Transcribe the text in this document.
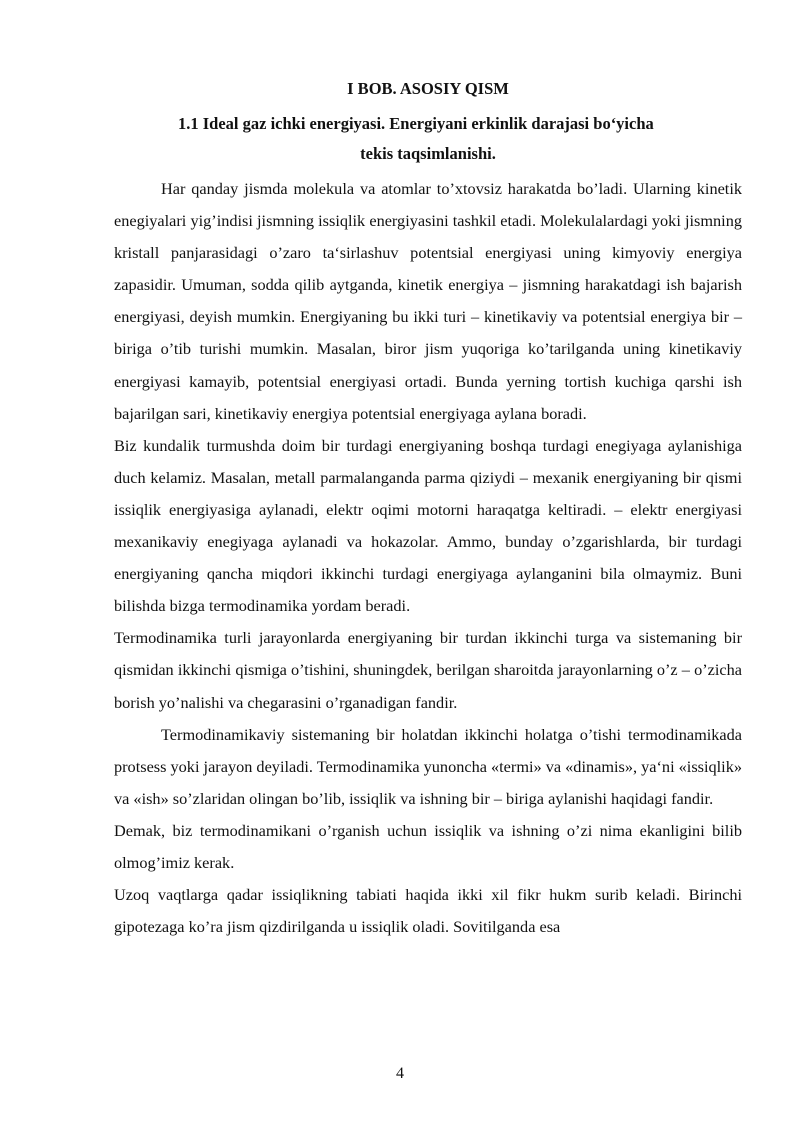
I BOB. ASOSIY QISM
1.1 Ideal gaz ichki energiyasi. Energiyani erkinlik darajasi bo‘yicha
tekis taqsimlanishi.

Har qanday jismda molekula va atomlar to’xtovsiz harakatda bo’ladi. Ularning kinetik enegiyalari yig’indisi jismning issiqlik energiyasini tashkil etadi. Molekulalardagi yoki jismning kristall panjarasidagi o’zaro ta‘sirlashuv potentsial energiyasi uning kimyoviy energiya zapasidir. Umuman, sodda qilib aytganda, kinetik energiya – jismning harakatdagi ish bajarish energiyasi, deyish mumkin. Energiyaning bu ikki turi – kinetikaviy va potentsial energiya bir – biriga o’tib turishi mumkin. Masalan, biror jism yuqoriga ko’tarilganda uning kinetikaviy energiyasi kamayib, potentsial energiyasi ortadi. Bunda yerning tortish kuchiga qarshi ish bajarilgan sari, kinetikaviy energiya potentsial energiyaga aylana boradi.

Biz kundalik turmushda doim bir turdagi energiyaning boshqa turdagi enegiyaga aylanishiga duch kelamiz. Masalan, metall parmalanganda parma qiziydi – mexanik energiyaning bir qismi issiqlik energiyasiga aylanadi, elektr oqimi motorni haraqatga keltiradi. – elektr energiyasi mexanikaviy enegiyaga aylanadi va hokazolar. Ammo, bunday o’zgarishlarda, bir turdagi energiyaning qancha miqdori ikkinchi turdagi energiyaga aylanganini bila olmaymiz. Buni bilishda bizga termodinamika yordam beradi.

Termodinamika turli jarayonlarda energiyaning bir turdan ikkinchi turga va sistemaning bir qismidan ikkinchi qismiga o’tishini, shuningdek, berilgan sharoitda jarayonlarning o’z – o’zicha borish yo’nalishi va chegarasini o’rganadigan fandir.

Termodinamikaviy sistemaning bir holatdan ikkinchi holatga o’tishi termodinamikada protsess yoki jarayon deyiladi. Termodinamika yunoncha «termi» va «dinamis», ya‘ni «issiqlik» va «ish» so’zlaridan olingan bo’lib, issiqlik va ishning bir – biriga aylanishi haqidagi fandir.

Demak, biz termodinamikani o’rganish uchun issiqlik va ishning o’zi nima ekanligini bilib olmog’imiz kerak.

Uzoq vaqtlarga qadar issiqlikning tabiati haqida ikki xil fikr hukm surib keladi. Birinchi gipotezaga ko’ra jism qizdirilganda u issiqlik oladi. Sovitilganda esa

4
